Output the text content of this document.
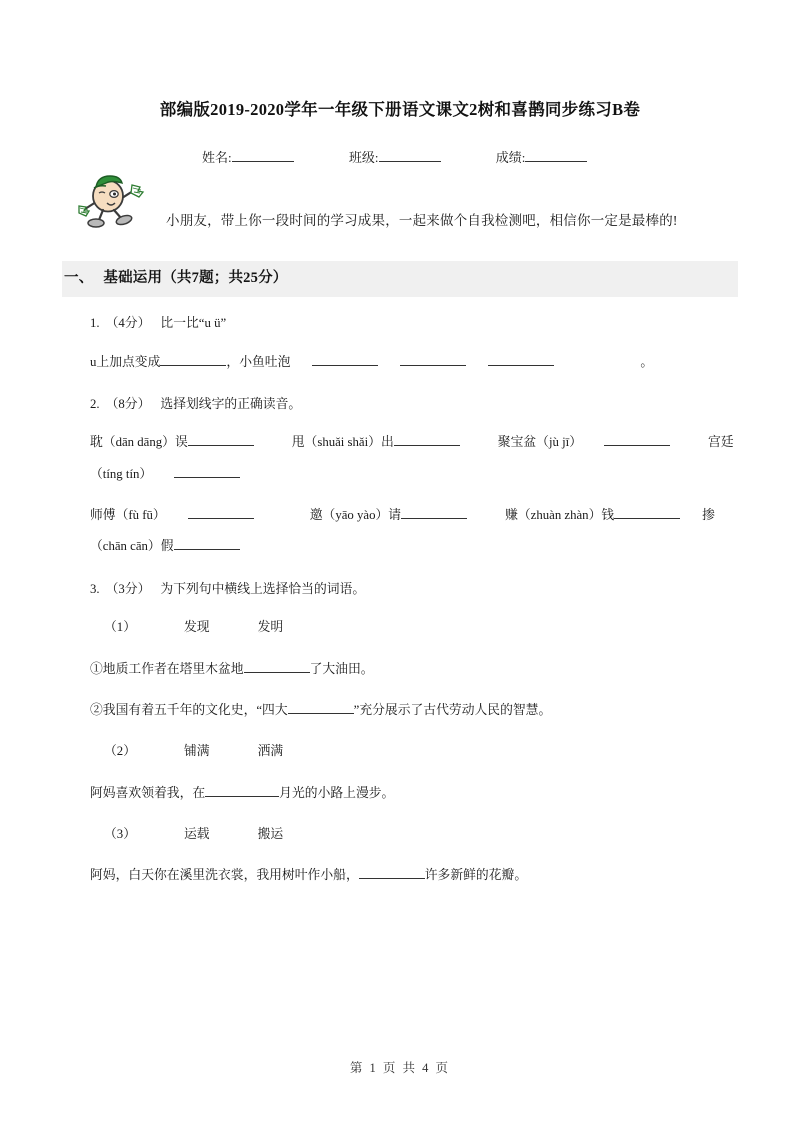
部编版2019-2020学年一年级下册语文课文2树和喜鹊同步练习B卷
姓名:	班级:	成绩:
小朋友，带上你一段时间的学习成果，一起来做个自我检测吧，相信你一定是最棒的!
一、 基础运用（共7题；共25分）
1. （4分） 比一比“u ü”
u上加点变成	，小鱼吐泡	。
2. （8分） 选择划线字的正确读音。
耽（dān dāng）误	甩（shuǎi shǎi）出	聚宝盆（jù jī）	宫廷（tíng tín）
师傅（fù fū）	邀（yāo yào）请	赚（zhuàn zhàn）钱	掺（chān cān）假
3. （3分） 为下列句中横线上选择恰当的词语。
（1）	发现	发明
①地质工作者在塔里木盆地	了大油田。
②我国有着五千年的文化史，“四大	”充分展示了古代劳动人民的智慧。
（2）	铺满	洒满
阿妈喜欢领着我，在	月光的小路上漫步。
（3）	运载	搬运
阿妈，白天你在溪里洗衣裳，我用树叶作小船，	许多新鲜的花瓣。
第 1 页 共 4 页
